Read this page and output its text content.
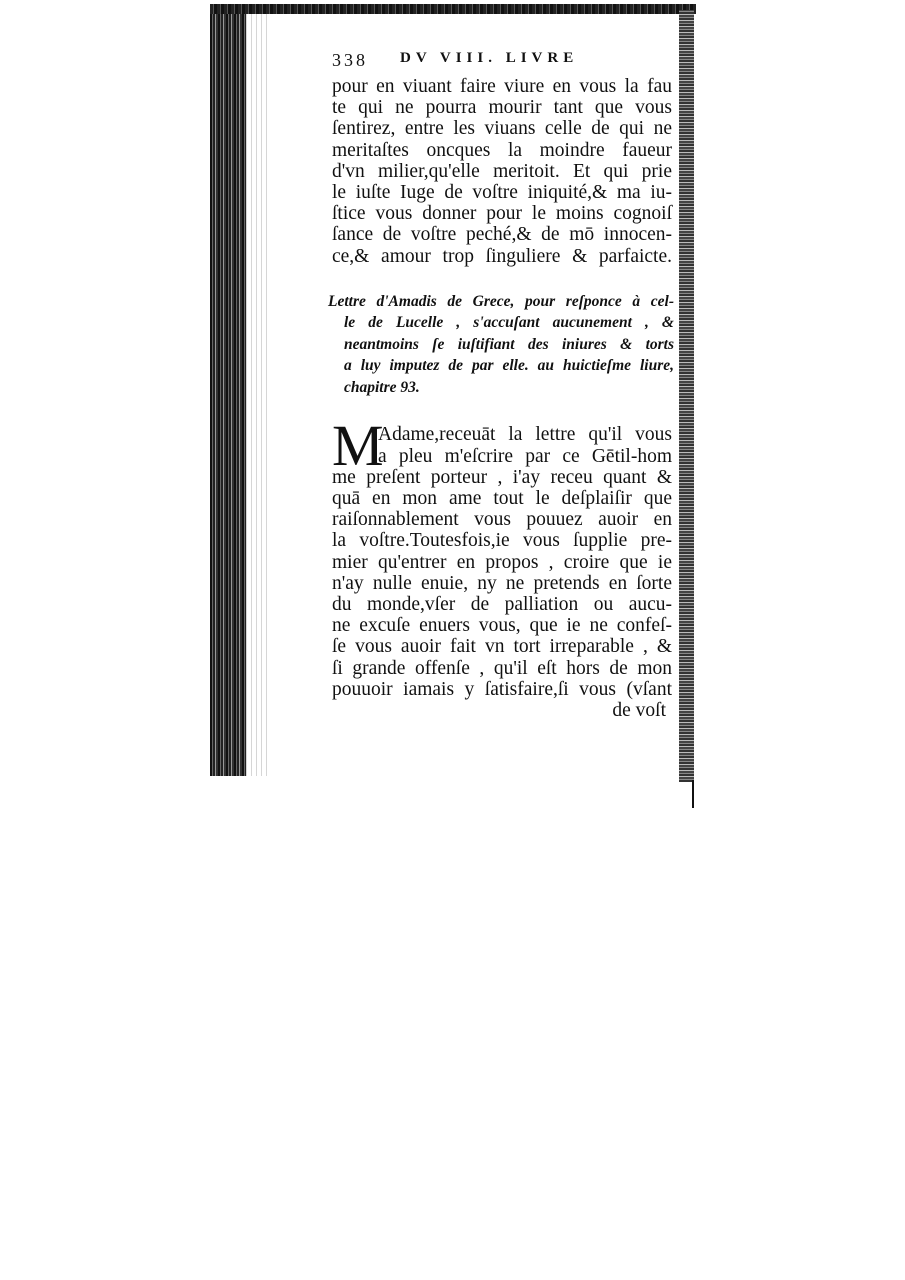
338 DV VIII. LIVRE
pour en viuant faire viure en vous la fau
te qui ne pourra mourir tant que vous
ſentirez, entre les viuans celle de qui ne
meritaſtes oncques la moindre faueur
d'vn milier,qu'elle meritoit. Et qui prie
le iuſte Iuge de voſtre iniquité,& ma iu-
ſtice vous donner pour le moins cognoiſ
ſance de voſtre peché,& de mō innocen-
ce,& amour trop ſinguliere & parfaicte.
Lettre d'Amadis de Grece, pour reſponce à cel-
le de Lucelle , s'accuſant aucunement , &
neantmoins ſe iuſtifiant des iniures & torts
a luy imputez de par elle. au huictieſme liure,
chapitre 93.
M
Adame,receuāt la lettre qu'il vous
a pleu m'eſcrire par ce Gētil-hom
me preſent porteur , i'ay receu quant &
quā en mon ame tout le deſplaiſir que
raiſonnablement vous pouuez auoir en
la voſtre.Toutesfois,ie vous ſupplie pre-
mier qu'entrer en propos , croire que ie
n'ay nulle enuie, ny ne pretends en ſorte
du monde,vſer de palliation ou aucu-
ne excuſe enuers vous, que ie ne confeſ-
ſe vous auoir fait vn tort irreparable , &
ſi grande offenſe , qu'il eſt hors de mon
pouuoir iamais y ſatisfaire,ſi vous (vſant
de voſt
